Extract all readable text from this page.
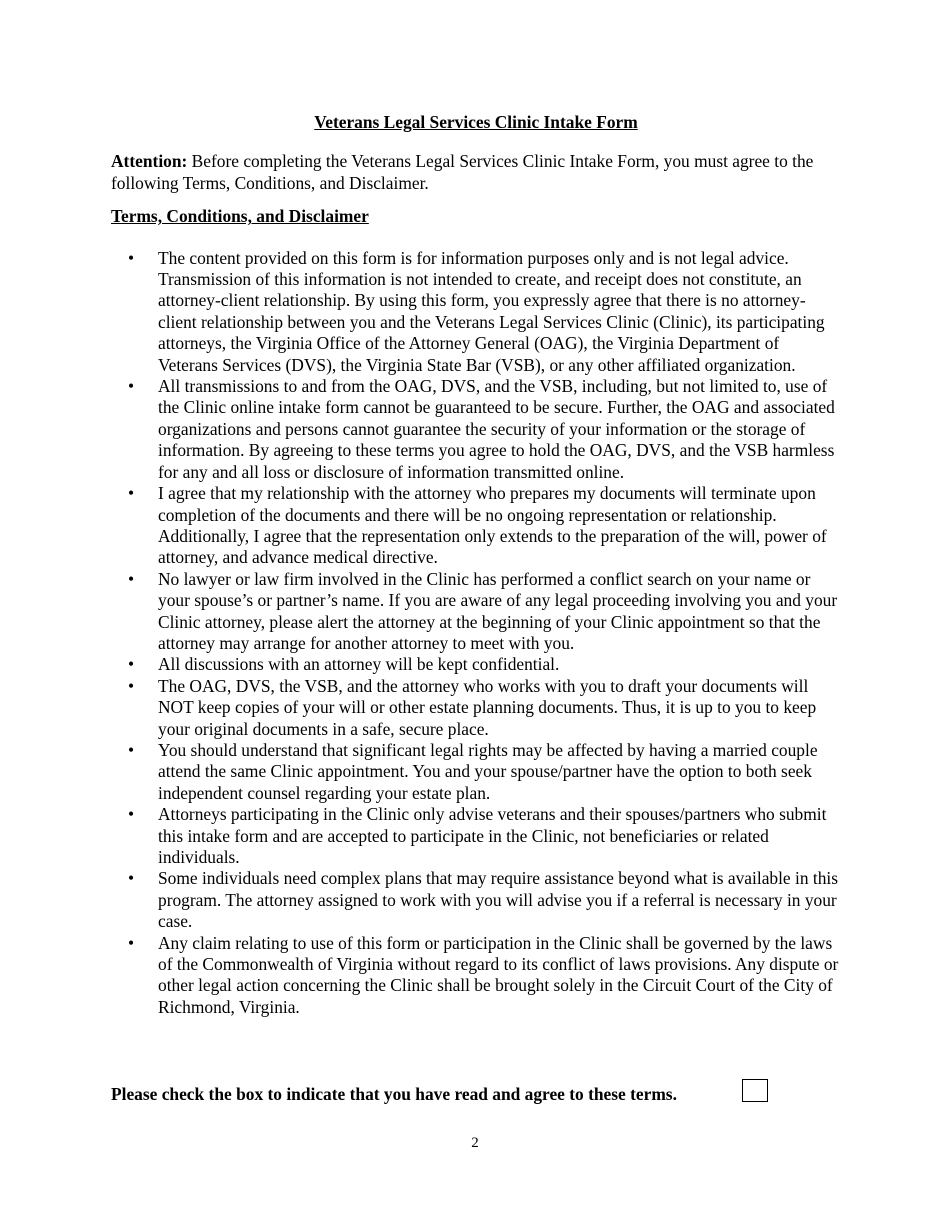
Veterans Legal Services Clinic Intake Form

Attention: Before completing the Veterans Legal Services Clinic Intake Form, you must agree to the following Terms, Conditions, and Disclaimer.

Terms, Conditions, and Disclaimer

• The content provided on this form is for information purposes only and is not legal advice. Transmission of this information is not intended to create, and receipt does not constitute, an attorney-client relationship. By using this form, you expressly agree that there is no attorney-client relationship between you and the Veterans Legal Services Clinic (Clinic), its participating attorneys, the Virginia Office of the Attorney General (OAG), the Virginia Department of Veterans Services (DVS), the Virginia State Bar (VSB), or any other affiliated organization.
• All transmissions to and from the OAG, DVS, and the VSB, including, but not limited to, use of the Clinic online intake form cannot be guaranteed to be secure. Further, the OAG and associated organizations and persons cannot guarantee the security of your information or the storage of information. By agreeing to these terms you agree to hold the OAG, DVS, and the VSB harmless for any and all loss or disclosure of information transmitted online.
• I agree that my relationship with the attorney who prepares my documents will terminate upon completion of the documents and there will be no ongoing representation or relationship. Additionally, I agree that the representation only extends to the preparation of the will, power of attorney, and advance medical directive.
• No lawyer or law firm involved in the Clinic has performed a conflict search on your name or your spouse’s or partner’s name. If you are aware of any legal proceeding involving you and your Clinic attorney, please alert the attorney at the beginning of your Clinic appointment so that the attorney may arrange for another attorney to meet with you.
• All discussions with an attorney will be kept confidential.
• The OAG, DVS, the VSB, and the attorney who works with you to draft your documents will NOT keep copies of your will or other estate planning documents. Thus, it is up to you to keep your original documents in a safe, secure place.
• You should understand that significant legal rights may be affected by having a married couple attend the same Clinic appointment. You and your spouse/partner have the option to both seek independent counsel regarding your estate plan.
• Attorneys participating in the Clinic only advise veterans and their spouses/partners who submit this intake form and are accepted to participate in the Clinic, not beneficiaries or related individuals.
• Some individuals need complex plans that may require assistance beyond what is available in this program. The attorney assigned to work with you will advise you if a referral is necessary in your case.
• Any claim relating to use of this form or participation in the Clinic shall be governed by the laws of the Commonwealth of Virginia without regard to its conflict of laws provisions. Any dispute or other legal action concerning the Clinic shall be brought solely in the Circuit Court of the City of Richmond, Virginia.
Please check the box to indicate that you have read and agree to these terms.
2
